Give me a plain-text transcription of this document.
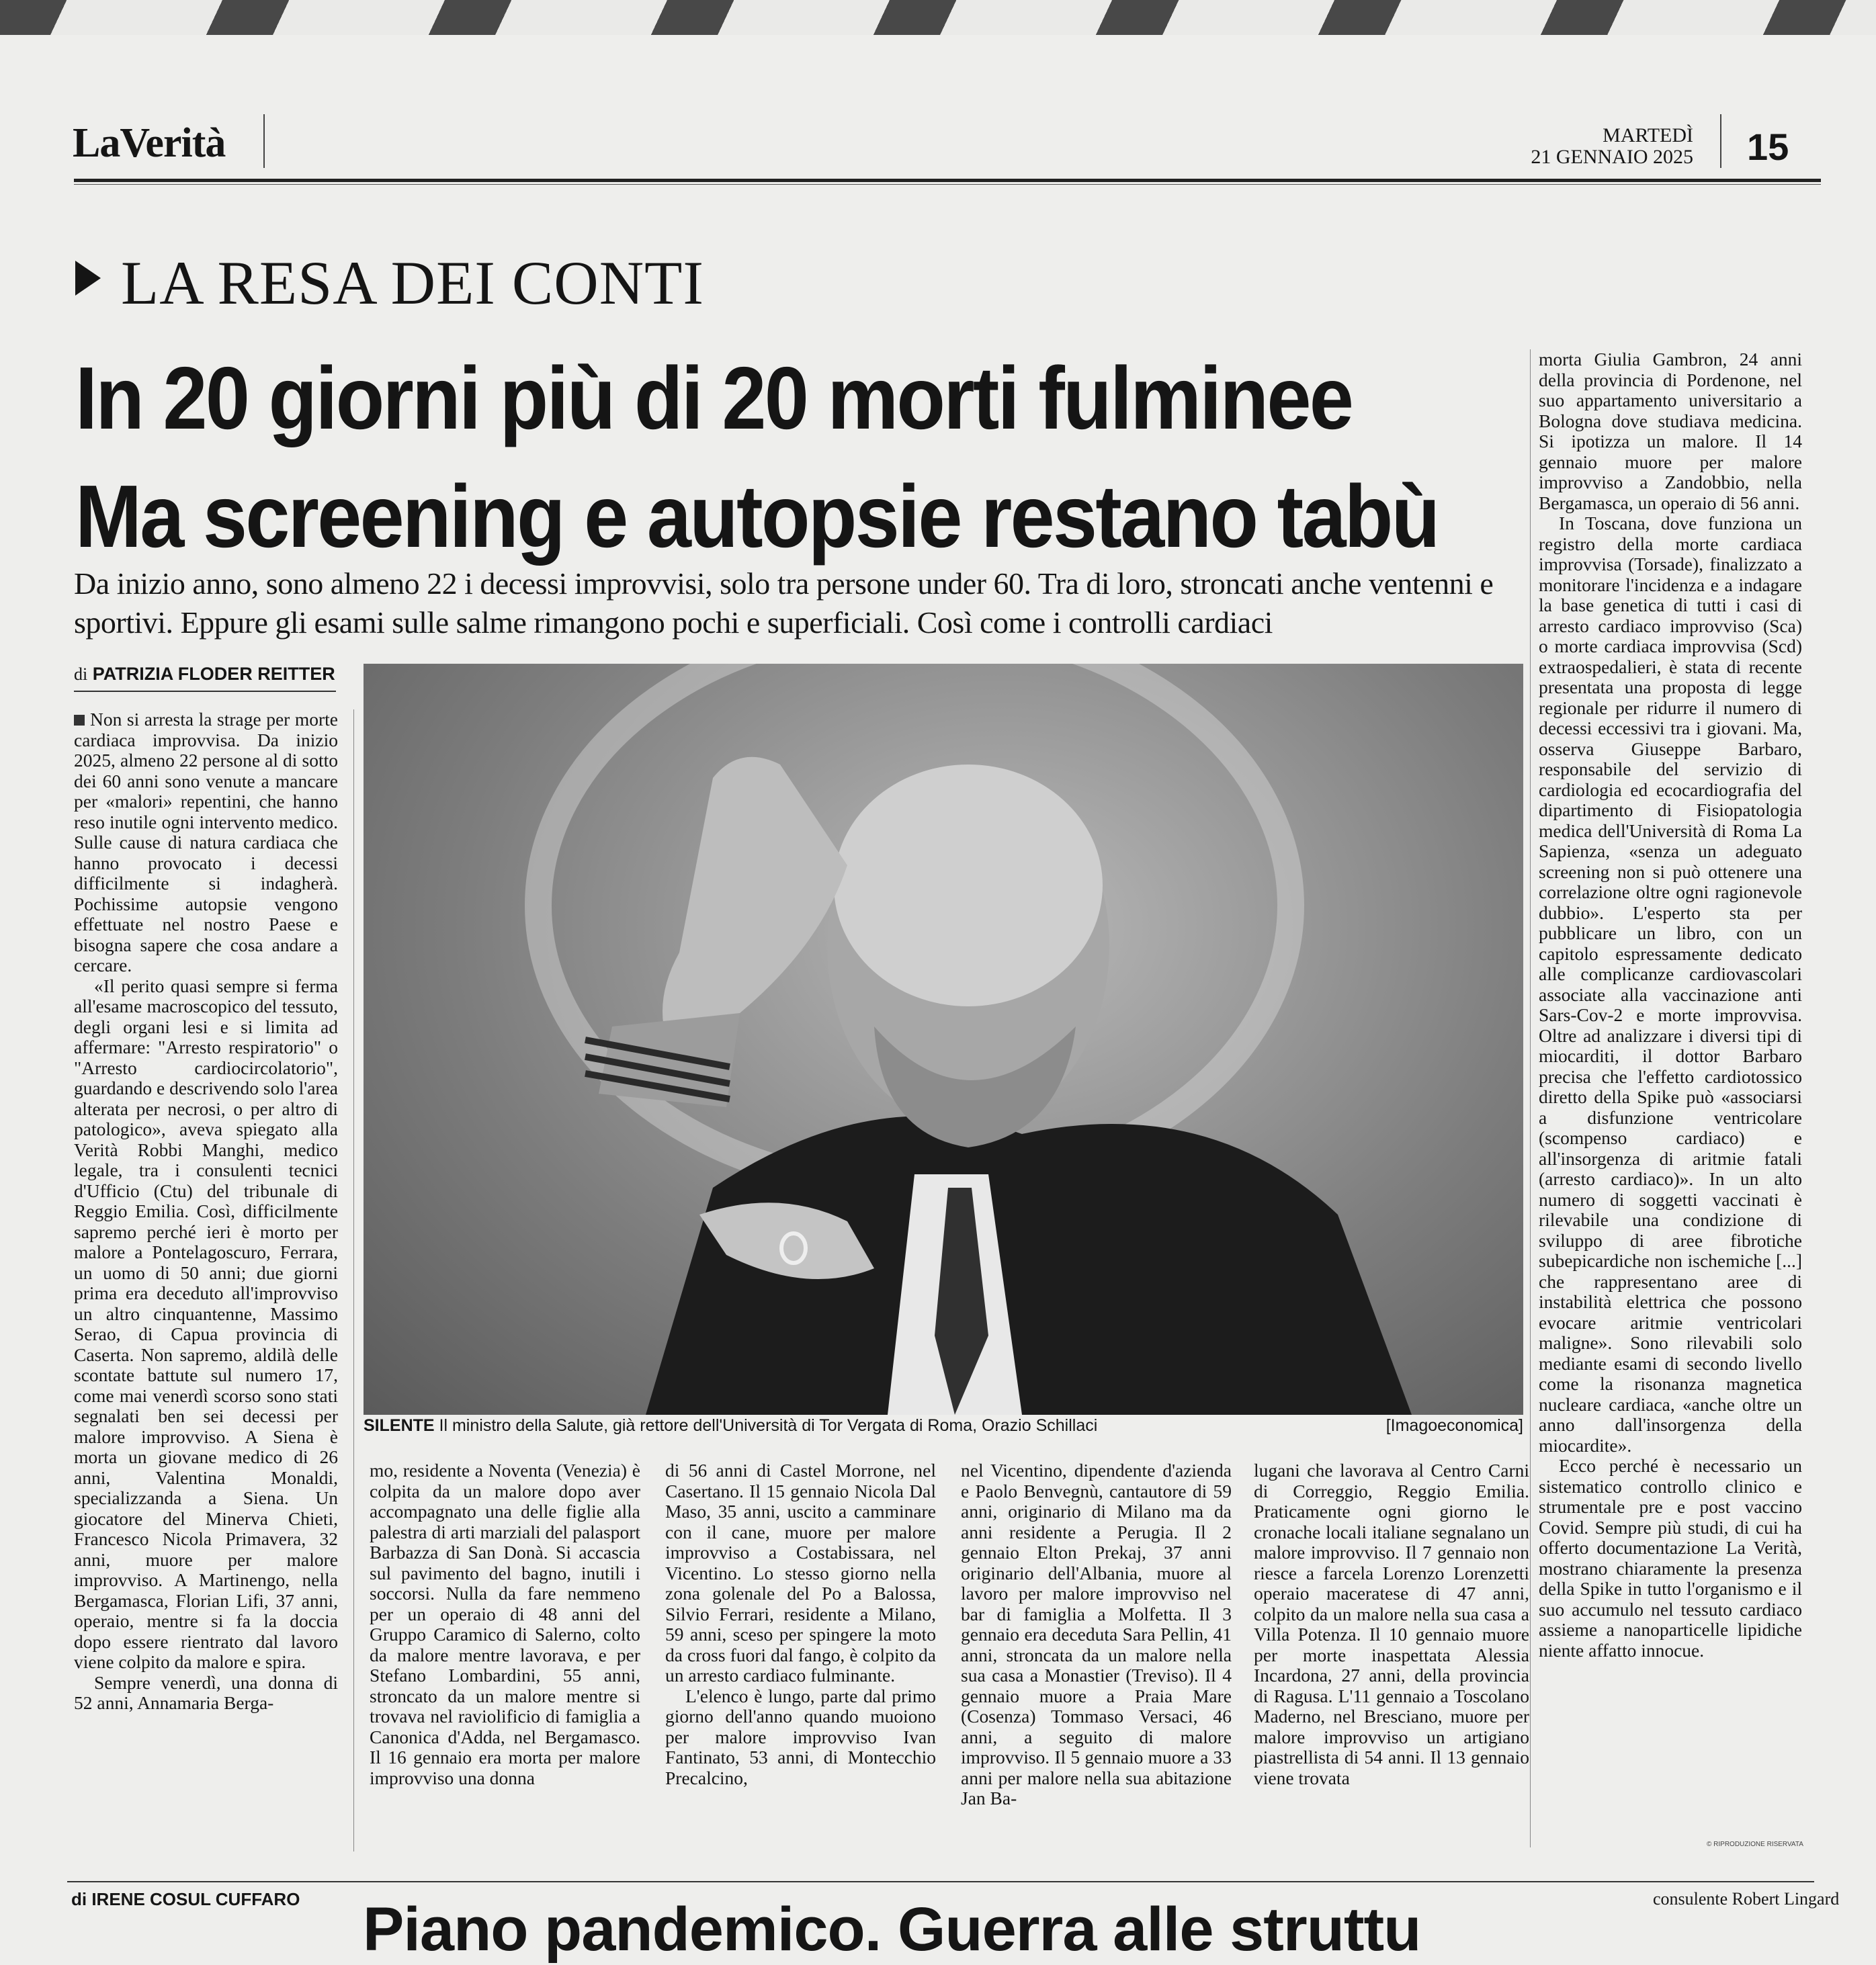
LaVerità	MARTEDÌ
21 GENNAIO 2025 15
LA RESA DEI CONTI
In 20 giorni più di 20 morti fulminee
Ma screening e autopsie restano tabù
Da inizio anno, sono almeno 22 i decessi improvvisi, solo tra persone under 60. Tra di loro, stroncati anche ventenni e sportivi. Eppure gli esami sulle salme rimangono pochi e superficiali. Così come i controlli cardiaci
di PATRIZIA FLODER REITTER
SILENTE Il ministro della Salute, già rettore dell'Università di Tor Vergata di Roma, Orazio Schillaci	[Imagoeconomica]

Non si arresta la strage per morte cardiaca improvvisa. Da inizio 2025, almeno 22 persone al di sotto dei 60 anni sono venute a mancare per «malori» repentini, che hanno reso inutile ogni intervento medico. Sulle cause di natura cardiaca che hanno provocato i decessi difficilmente si indagherà. Pochissime autopsie vengono effettuate nel nostro Paese e bisogna sapere che cosa andare a cercare.

«Il perito quasi sempre si ferma all'esame macroscopico del tessuto, degli organi lesi e si limita ad affermare: "Arresto respiratorio" o "Arresto cardiocircolatorio", guardando e descrivendo solo l'area alterata per necrosi, o per altro di patologico», aveva spiegato alla Verità Robbi Manghi, medico legale, tra i consulenti tecnici d'Ufficio (Ctu) del tribunale di Reggio Emilia. Così, difficilmente sapremo perché ieri è morto per malore a Pontelagoscuro, Ferrara, un uomo di 50 anni; due giorni prima era deceduto all'improvviso un altro cinquantenne, Massimo Serao, di Capua provincia di Caserta. Non sapremo, aldilà delle scontate battute sul numero 17, come mai venerdì scorso sono stati segnalati ben sei decessi per malore improvviso. A Siena è morta un giovane medico di 26 anni, Valentina Monaldi, specializzanda a Siena. Un giocatore del Minerva Chieti, Francesco Nicola Primavera, 32 anni, muore per malore improvviso. A Martinengo, nella Bergamasca, Florian Lifi, 37 anni, operaio, mentre si fa la doccia dopo essere rientrato dal lavoro viene colpito da malore e spira.

Sempre venerdì, una donna di 52 anni, Annamaria Berga-

mo, residente a Noventa (Venezia) è colpita da un malore dopo aver accompagnato una delle figlie alla palestra di arti marziali del palasport Barbazza di San Donà. Si accascia sul pavimento del bagno, inutili i soccorsi. Nulla da fare nemmeno per un operaio di 48 anni del Gruppo Caramico di Salerno, colto da malore mentre lavorava, e per Stefano Lombardini, 55 anni, stroncato da un malore mentre si trovava nel raviolificio di famiglia a Canonica d'Adda, nel Bergamasco. Il 16 gennaio era morta per malore improvviso una donna

di 56 anni di Castel Morrone, nel Casertano. Il 15 gennaio Nicola Dal Maso, 35 anni, uscito a camminare con il cane, muore per malore improvviso a Costabissara, nel Vicentino. Lo stesso giorno nella zona golenale del Po a Balossa, Silvio Ferrari, residente a Milano, 59 anni, sceso per spingere la moto da cross fuori dal fango, è colpito da un arresto cardiaco fulminante.

L'elenco è lungo, parte dal primo giorno dell'anno quando muoiono per malore improvviso Ivan Fantinato, 53 anni, di Montecchio Precalcino,

nel Vicentino, dipendente d'azienda e Paolo Benvegnù, cantautore di 59 anni, originario di Milano ma da anni residente a Perugia. Il 2 gennaio Elton Prekaj, 37 anni originario dell'Albania, muore al lavoro per malore improvviso nel bar di famiglia a Molfetta. Il 3 gennaio era deceduta Sara Pellin, 41 anni, stroncata da un malore nella sua casa a Monastier (Treviso). Il 4 gennaio muore a Praia Mare (Cosenza) Tommaso Versaci, 46 anni, a seguito di malore improvviso. Il 5 gennaio muore a 33 anni per malore nella sua abitazione Jan Ba-

lugani che lavorava al Centro Carni di Correggio, Reggio Emilia. Praticamente ogni giorno le cronache locali italiane segnalano un malore improvviso. Il 7 gennaio non riesce a farcela Lorenzo Lorenzetti operaio maceratese di 47 anni, colpito da un malore nella sua casa a Villa Potenza. Il 10 gennaio muore per morte inaspettata Alessia Incardona, 27 anni, della provincia di Ragusa. L'11 gennaio a Toscolano Maderno, nel Bresciano, muore per malore improvviso un artigiano piastrellista di 54 anni. Il 13 gennaio viene trovata

morta Giulia Gambron, 24 anni della provincia di Pordenone, nel suo appartamento universitario a Bologna dove studiava medicina. Si ipotizza un malore. Il 14 gennaio muore per malore improvviso a Zandobbio, nella Bergamasca, un operaio di 56 anni.

In Toscana, dove funziona un registro della morte cardiaca improvvisa (Torsade), finalizzato a monitorare l'incidenza e a indagare la base genetica di tutti i casi di arresto cardiaco improvviso (Sca) o morte cardiaca improvvisa (Scd) extraospedalieri, è stata di recente presentata una proposta di legge regionale per ridurre il numero di decessi eccessivi tra i giovani. Ma, osserva Giuseppe Barbaro, responsabile del servizio di cardiologia ed ecocardiografia del dipartimento di Fisiopatologia medica dell'Università di Roma La Sapienza, «senza un adeguato screening non si può ottenere una correlazione oltre ogni ragionevole dubbio». L'esperto sta per pubblicare un libro, con un capitolo espressamente dedicato alle complicanze cardiovascolari associate alla vaccinazione anti Sars-Cov-2 e morte improvvisa. Oltre ad analizzare i diversi tipi di miocarditi, il dottor Barbaro precisa che l'effetto cardiotossico diretto della Spike può «associarsi a disfunzione ventricolare (scompenso cardiaco) e all'insorgenza di aritmie fatali (arresto cardiaco)». In un alto numero di soggetti vaccinati è rilevabile una condizione di sviluppo di aree fibrotiche subepicardiche non ischemiche [...] che rappresentano aree di instabilità elettrica che possono evocare aritmie ventricolari maligne». Sono rilevabili solo mediante esami di secondo livello come la risonanza magnetica nucleare cardiaca, «anche oltre un anno dall'insorgenza della miocardite».

Ecco perché è necessario un sistematico controllo clinico e strumentale pre e post vaccino Covid. Sempre più studi, di cui ha offerto documentazione La Verità, mostrano chiaramente la presenza della Spike in tutto l'organismo e il suo accumulo nel tessuto cardiaco assieme a nanoparticelle lipidiche niente affatto innocue.

© RIPRODUZIONE RISERVATA
di IRENE COSUL CUFFARO Piano pandemico. Guerra alle struttu	consulente Robert Lingard
